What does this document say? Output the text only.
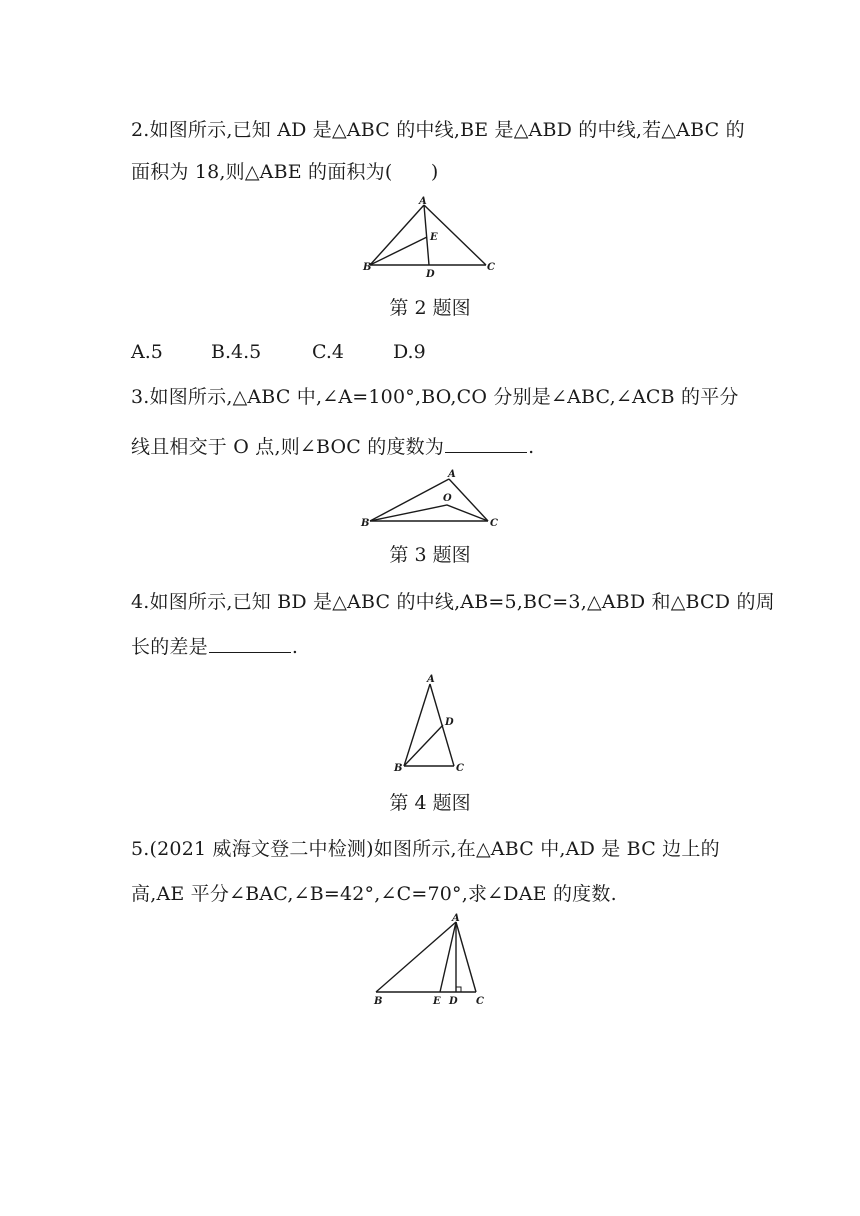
2.如图所示,已知 AD 是△ABC 的中线,BE 是△ABD 的中线,若△ABC 的
面积为 18,则△ABE 的面积为(　　)
A
B	C
D
E
第 2 题图
A.5	B.4.5	C.4	D.9
3.如图所示,△ABC 中,∠A=100°,BO,CO 分别是∠ABC,∠ACB 的平分
线且相交于 O 点,则∠BOC 的度数为	.
A
B	C
O
第 3 题图
4.如图所示,已知 BD 是△ABC 的中线,AB=5,BC=3,△ABD 和△BCD 的周
长的差是	.
A
B	C
D
第 4 题图
5.(2021 威海文登二中检测)如图所示,在△ABC 中,AD 是 BC 边上的
高,AE 平分∠BAC,∠B=42°,∠C=70°,求∠DAE 的度数.
A
B	C
E D
